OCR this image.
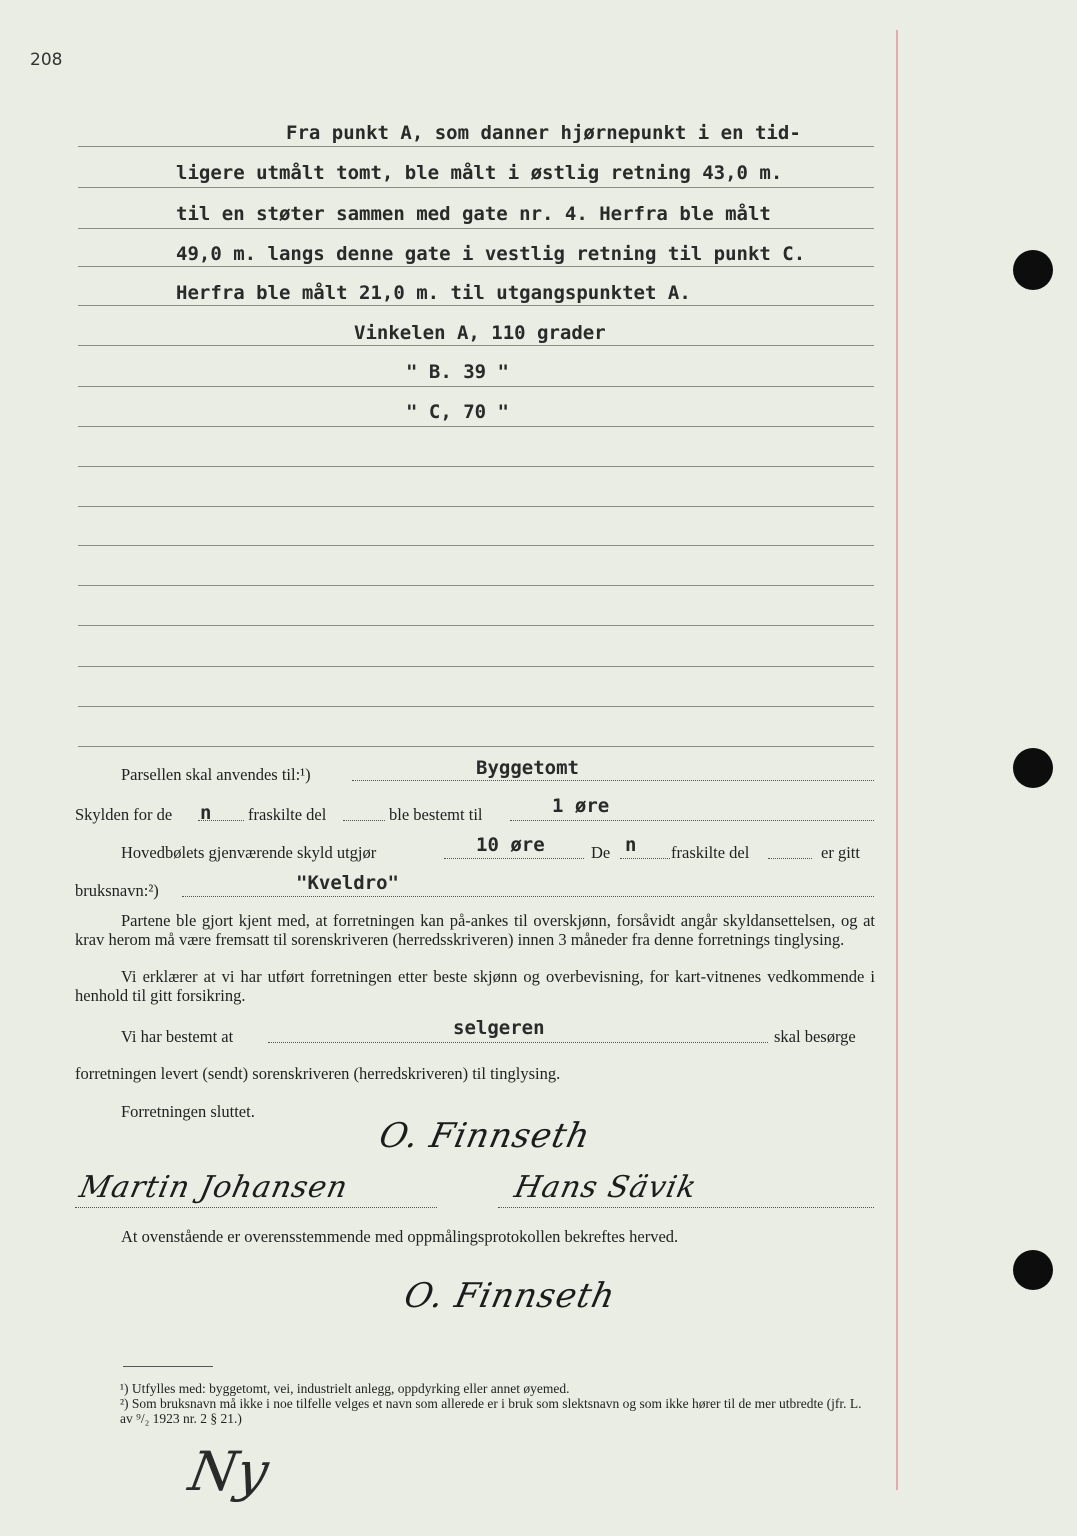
208
Fra punkt A, som danner hjørnepunkt i en tid-
ligere utmålt tomt, ble målt i østlig retning 43,0 m.
til en støter sammen med gate nr. 4. Herfra ble målt
49,0 m. langs denne gate i vestlig retning til punkt C.
Herfra ble målt 21,0 m. til utgangspunktet A.
Vinkelen A, 110 grader
" B. 39 "
" C, 70 "
Parsellen skal anvendes til:¹)	Byggetomt
Skylden for de n fraskilte del	ble bestemt til	1 øre
Hovedbølets gjenværende skyld utgjør	10 øre	De n fraskilte del	er gitt
bruksnavn:²)	"Kveldro"
Partene ble gjort kjent med, at forretningen kan på-ankes til overskjønn, forsåvidt angår skyldansettelsen, og at krav herom må være fremsatt til sorenskriveren (herredsskriveren) innen 3 måneder fra denne forretnings tinglysing.
Vi erklærer at vi har utført forretningen etter beste skjønn og overbevisning, for kart-vitnenes vedkommende i henhold til gitt forsikring.
Vi har bestemt at	selgeren	skal besørge
forretningen levert (sendt) sorenskriveren (herredskriveren) til tinglysing.
Forretningen sluttet.
O. Finnseth
Martin Johansen	Hans Sävik
At ovenstående er overensstemmende med oppmålingsprotokollen bekreftes herved.
O. Finnseth
¹) Utfylles med: byggetomt, vei, industrielt anlegg, oppdyrking eller annet øyemed.
²) Som bruksnavn må ikke i noe tilfelle velges et navn som allerede er i bruk som slektsnavn og som ikke hører til de mer utbredte (jfr. L. av ⁹/₂ 1923 nr. 2 § 21.)
Ny
